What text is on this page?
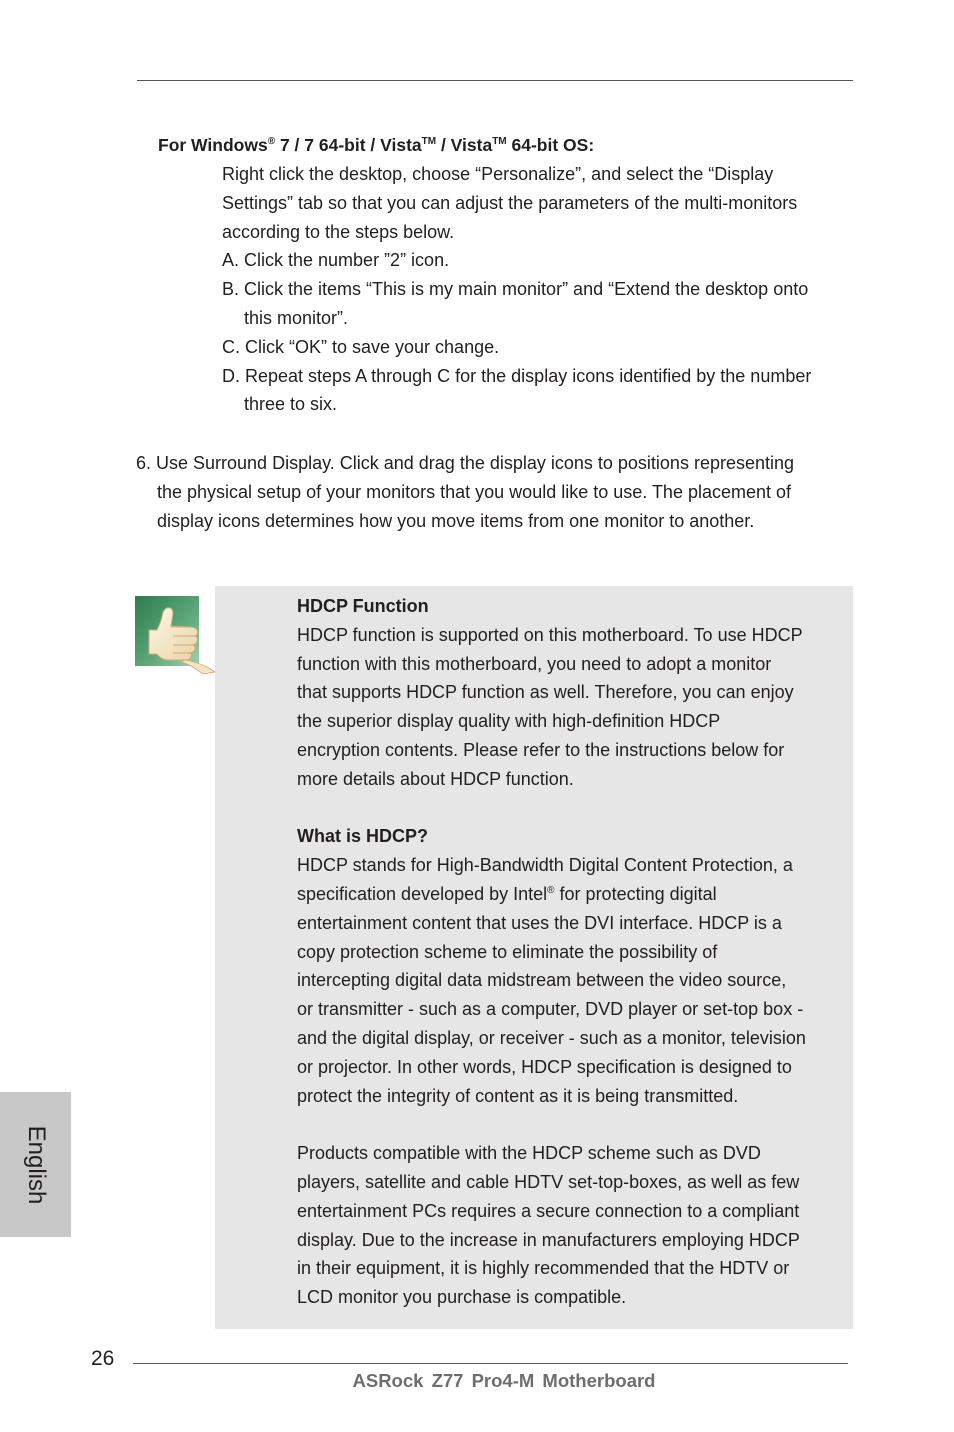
For Windows® 7 / 7 64-bit / Vista™ / Vista™ 64-bit OS:
Right click the desktop, choose “Personalize”, and select the “Display
Settings” tab so that you can adjust the parameters of the multi-monitors
according to the steps below.
A. Click the number ”2” icon.
B. Click the items “This is my main monitor” and “Extend the desktop onto
this monitor”.
C. Click “OK” to save your change.
D. Repeat steps A through C for the display icons identified by the number
three to six.
6. Use Surround Display. Click and drag the display icons to positions representing
the physical setup of your monitors that you would like to use. The placement of
display icons determines how you move items from one monitor to another.
HDCP Function
HDCP function is supported on this motherboard. To use HDCP
function with this motherboard, you need to adopt a monitor
that supports HDCP function as well. Therefore, you can enjoy
the superior display quality with high-definition HDCP
encryption contents. Please refer to the instructions below for
more details about HDCP function.
What is HDCP?
HDCP stands for High-Bandwidth Digital Content Protection, a
specification developed by Intel® for protecting digital
entertainment content that uses the DVI interface. HDCP is a
copy protection scheme to eliminate the possibility of
intercepting digital data midstream between the video source,
or transmitter - such as a computer, DVD player or set-top box -
and the digital display, or receiver - such as a monitor, television
or projector. In other words, HDCP specification is designed to
protect the integrity of content as it is being transmitted.
Products compatible with the HDCP scheme such as DVD
players, satellite and cable HDTV set-top-boxes, as well as few
entertainment PCs requires a secure connection to a compliant
display. Due to the increase in manufacturers employing HDCP
in their equipment, it is highly recommended that the HDTV or
LCD monitor you purchase is compatible.
English
26
ASRock Z77 Pro4-M Motherboard
